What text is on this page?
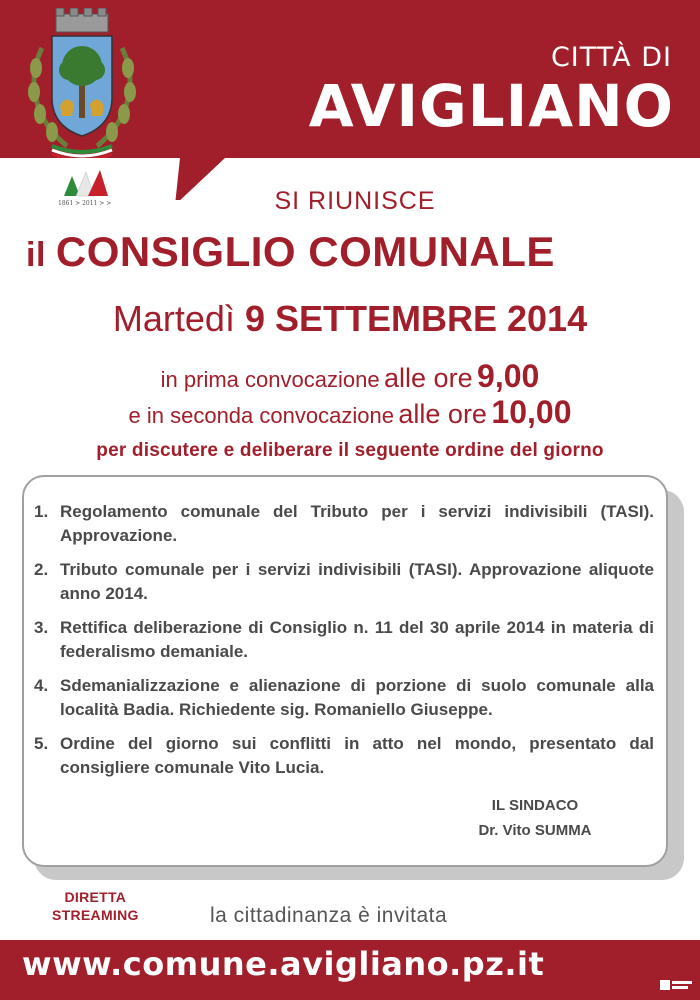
CITTÀ DI
AVIGLIANO
1861 > 2011 > >	SI RIUNISCE
il CONSIGLIO COMUNALE
Martedì 9 SETTEMBRE 2014
in prima convocazione alle ore 9,00
e in seconda convocazione alle ore 10,00
per discutere e deliberare il seguente ordine del giorno
1. Regolamento comunale del Tributo per i servizi indivisibili (TASI). Approvazione.
2. Tributo comunale per i servizi indivisibili (TASI). Approvazione aliquote anno 2014.
3. Rettifica deliberazione di Consiglio n. 11 del 30 aprile 2014 in materia di federalismo demaniale.
4. Sdemanializzazione e alienazione di porzione di suolo comunale alla località Badia. Richiedente sig. Romaniello Giuseppe.
5. Ordine del giorno sui conflitti in atto nel mondo, presentato dal consigliere comunale Vito Lucia.
IL SINDACO
Dr. Vito SUMMA
DIRETTA
STREAMING	la cittadinanza è invitata
www.comune.avigliano.pz.it
